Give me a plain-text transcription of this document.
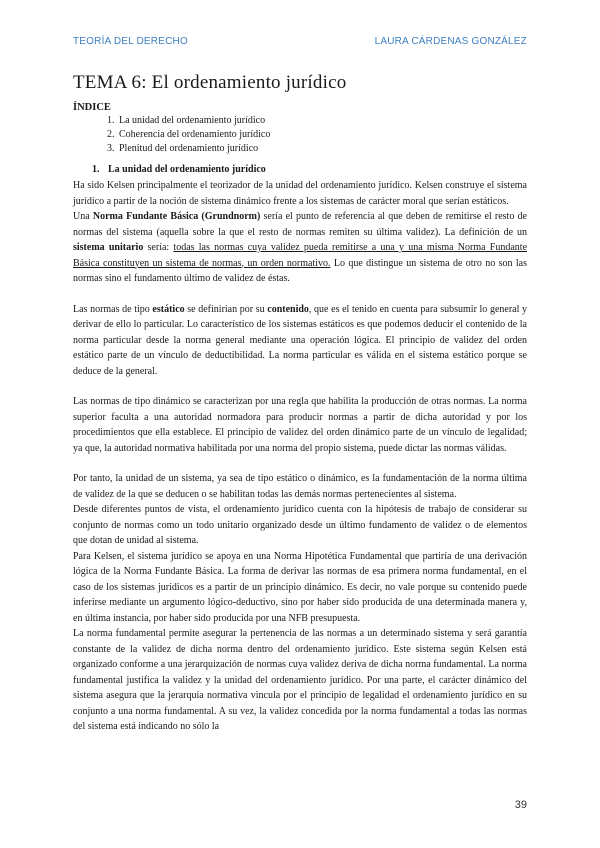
TEORÍA DEL DERECHO	LAURA CÁRDENAS GONZÁLEZ
TEMA 6: El ordenamiento jurídico
ÍNDICE
1. La unidad del ordenamiento jurídico
2. Coherencia del ordenamiento jurídico
3. Plenitud del ordenamiento jurídico
1. La unidad del ordenamiento jurídico

Ha sido Kelsen principalmente el teorizador de la unidad del ordenamiento jurídico. Kelsen construye el sistema jurídico a partir de la noción de sistema dinámico frente a los sistemas de carácter moral que serían estáticos.

Una Norma Fundante Básica (Grundnorm) sería el punto de referencia al que deben de remitirse el resto de normas del sistema (aquella sobre la que el resto de normas remiten su última validez). La definición de un sistema unitario sería: todas las normas cuya validez pueda remitirse a una y una misma Norma Fundante Básica constituyen un sistema de normas, un orden normativo. Lo que distingue un sistema de otro no son las normas sino el fundamento último de validez de éstas.

Las normas de tipo estático se definirían por su contenido, que es el tenido en cuenta para subsumir lo general y derivar de ello lo particular. Lo característico de los sistemas estáticos es que podemos deducir el contenido de la norma particular desde la norma general mediante una operación lógica. El principio de validez del orden estático parte de un vínculo de deductibilidad. La norma particular es válida en el sistema estático porque se deduce de la general.

Las normas de tipo dinámico se caracterizan por una regla que habilita la producción de otras normas. La norma superior faculta a una autoridad normadora para producir normas a partir de dicha autoridad y por los procedimientos que ella establece. El principio de validez del orden dinámico parte de un vínculo de legalidad; ya que, la autoridad normativa habilitada por una norma del propio sistema, puede dictar las normas válidas.

Por tanto, la unidad de un sistema, ya sea de tipo estático o dinámico, es la fundamentación de la norma última de validez de la que se deducen o se habilitan todas las demás normas pertenecientes al sistema.

Desde diferentes puntos de vista, el ordenamiento jurídico cuenta con la hipótesis de trabajo de considerar su conjunto de normas como un todo unitario organizado desde un último fundamento de validez o de elementos que dotan de unidad al sistema.

Para Kelsen, el sistema jurídico se apoya en una Norma Hipotética Fundamental que partiría de una derivación lógica de la Norma Fundante Básica. La forma de derivar las normas de esa primera norma fundamental, en el caso de los sistemas jurídicos es a partir de un principio dinámico. Es decir, no vale porque su contenido puede inferirse mediante un argumento lógico-deductivo, sino por haber sido producida de una determinada manera y, en última instancia, por haber sido producida por una NFB presupuesta.

La norma fundamental permite asegurar la pertenencia de las normas a un determinado sistema y será garantía constante de la validez de dicha norma dentro del ordenamiento jurídico. Este sistema según Kelsen está organizado conforme a una jerarquización de normas cuya validez deriva de dicha norma fundamental. La norma fundamental justifica la validez y la unidad del ordenamiento jurídico. Por una parte, el carácter dinámico del sistema asegura que la jerarquía normativa vincula por el principio de legalidad el ordenamiento jurídico en su conjunto a una norma fundamental. A su vez, la validez concedida por la norma fundamental a todas las normas del sistema está indicando no sólo la

39
